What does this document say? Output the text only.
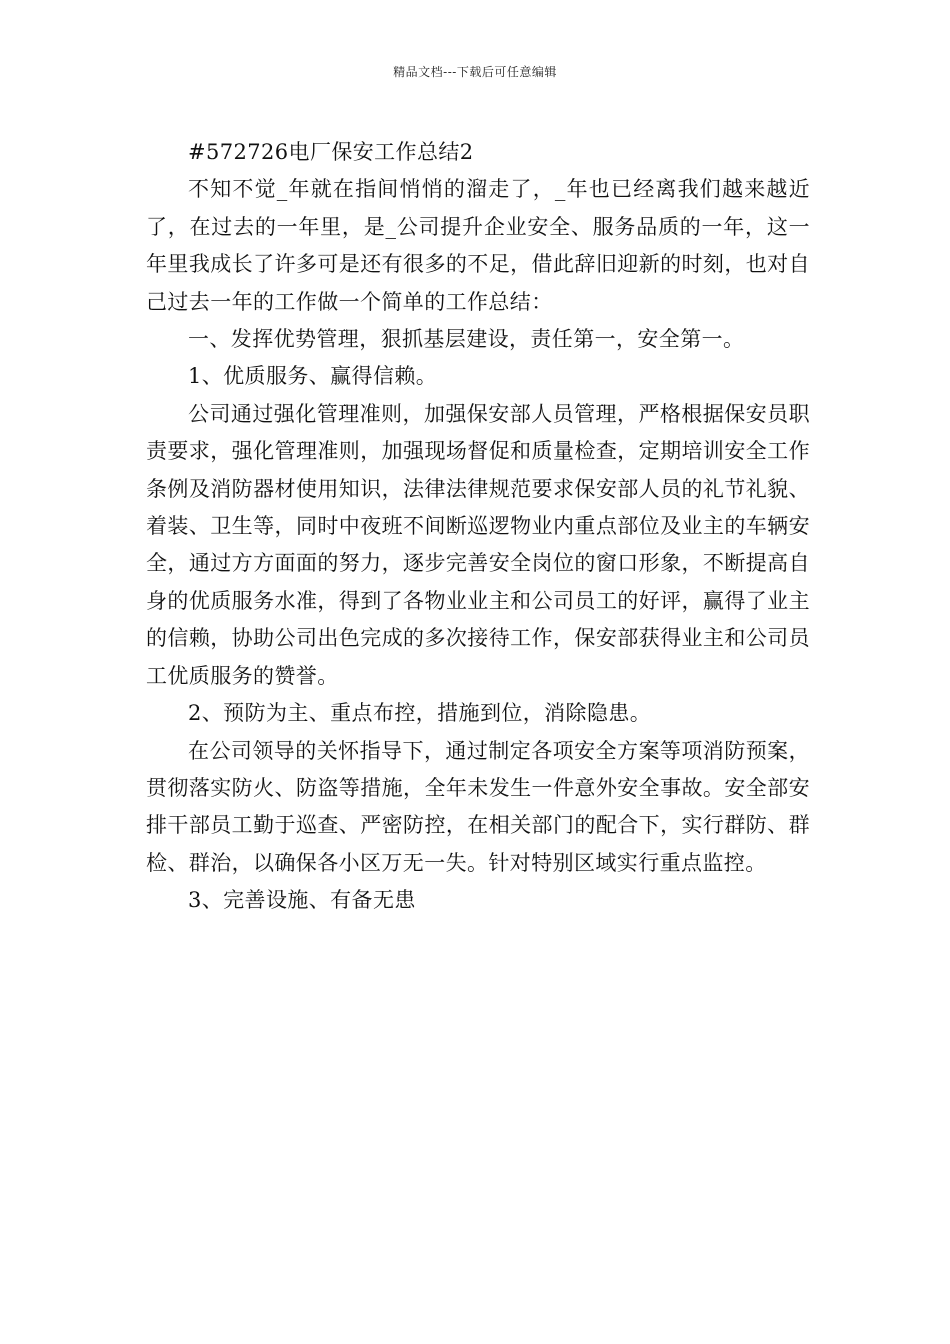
精品文档---下载后可任意编辑

#572726电厂保安工作总结2

不知不觉_年就在指间悄悄的溜走了，_年也已经离我们越来越近了，在过去的一年里，是_公司提升企业安全、服务品质的一年，这一年里我成长了许多可是还有很多的不足，借此辞旧迎新的时刻，也对自己过去一年的工作做一个简单的工作总结：

一、发挥优势管理，狠抓基层建设，责任第一，安全第一。

1、优质服务、赢得信赖。

公司通过强化管理准则，加强保安部人员管理，严格根据保安员职责要求，强化管理准则，加强现场督促和质量检查，定期培训安全工作条例及消防器材使用知识，法律法律规范要求保安部人员的礼节礼貌、着装、卫生等，同时中夜班不间断巡逻物业内重点部位及业主的车辆安全，通过方方面面的努力，逐步完善安全岗位的窗口形象，不断提高自身的优质服务水准，得到了各物业业主和公司员工的好评，赢得了业主的信赖，协助公司出色完成的多次接待工作，保安部获得业主和公司员工优质服务的赞誉。

2、预防为主、重点布控，措施到位，消除隐患。

在公司领导的关怀指导下，通过制定各项安全方案等项消防预案，贯彻落实防火、防盗等措施，全年未发生一件意外安全事故。安全部安排干部员工勤于巡查、严密防控，在相关部门的配合下，实行群防、群检、群治，以确保各小区万无一失。针对特别区域实行重点监控。

3、完善设施、有备无患
